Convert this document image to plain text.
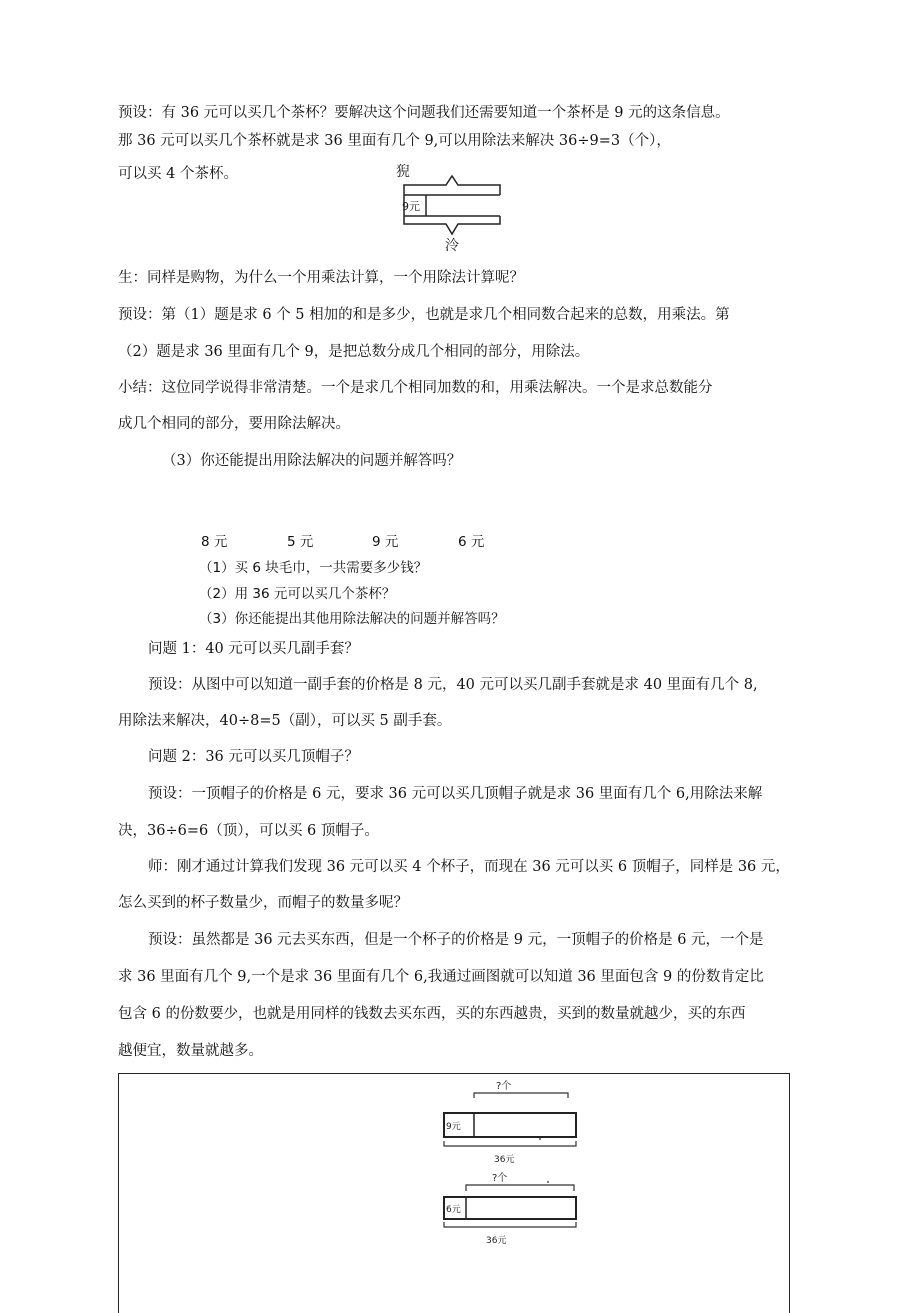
预设：有 36 元可以买几个茶杯？要解决这个问题我们还需要知道一个茶杯是 9 元的这条信息。
那 36 元可以买几个茶杯就是求 36 里面有几个 9,可以用除法来解决 36÷9=3（个），
可以买 4 个茶杯。	猊
9元
泠
生：同样是购物，为什么一个用乘法计算，一个用除法计算呢？
预设：第（1）题是求 6 个 5 相加的和是多少，也就是求几个相同数合起来的总数，用乘法。第
（2）题是求 36 里面有几个 9，是把总数分成几个相同的部分，用除法。
小结：这位同学说得非常清楚。一个是求几个相同加数的和，用乘法解决。一个是求总数能分
成几个相同的部分，要用除法解决。
（3）你还能提出用除法解决的问题并解答吗？
8 元	5 元	9 元	6 元
（1）买 6 块毛巾，一共需要多少钱？
（2）用 36 元可以买几个茶杯？
（3）你还能提出其他用除法解决的问题并解答吗？
问题 1：40 元可以买几副手套？
预设：从图中可以知道一副手套的价格是 8 元，40 元可以买几副手套就是求 40 里面有几个 8,
用除法来解决，40÷8=5（副），可以买 5 副手套。
问题 2：36 元可以买几顶帽子？
预设：一顶帽子的价格是 6 元，要求 36 元可以买几顶帽子就是求 36 里面有几个 6,用除法来解
决，36÷6=6（顶），可以买 6 顶帽子。
师：刚才通过计算我们发现 36 元可以买 4 个杯子，而现在 36 元可以买 6 顶帽子，同样是 36 元，
怎么买到的杯子数量少，而帽子的数量多呢？
预设：虽然都是 36 元去买东西，但是一个杯子的价格是 9 元，一顶帽子的价格是 6 元，一个是
求 36 里面有几个 9,一个是求 36 里面有几个 6,我通过画图就可以知道 36 里面包含 9 的份数肯定比
包含 6 的份数要少，也就是用同样的钱数去买东西，买的东西越贵，买到的数量就越少，买的东西
越便宜，数量就越多。
?个
9元
36元
?个
6元
36元
